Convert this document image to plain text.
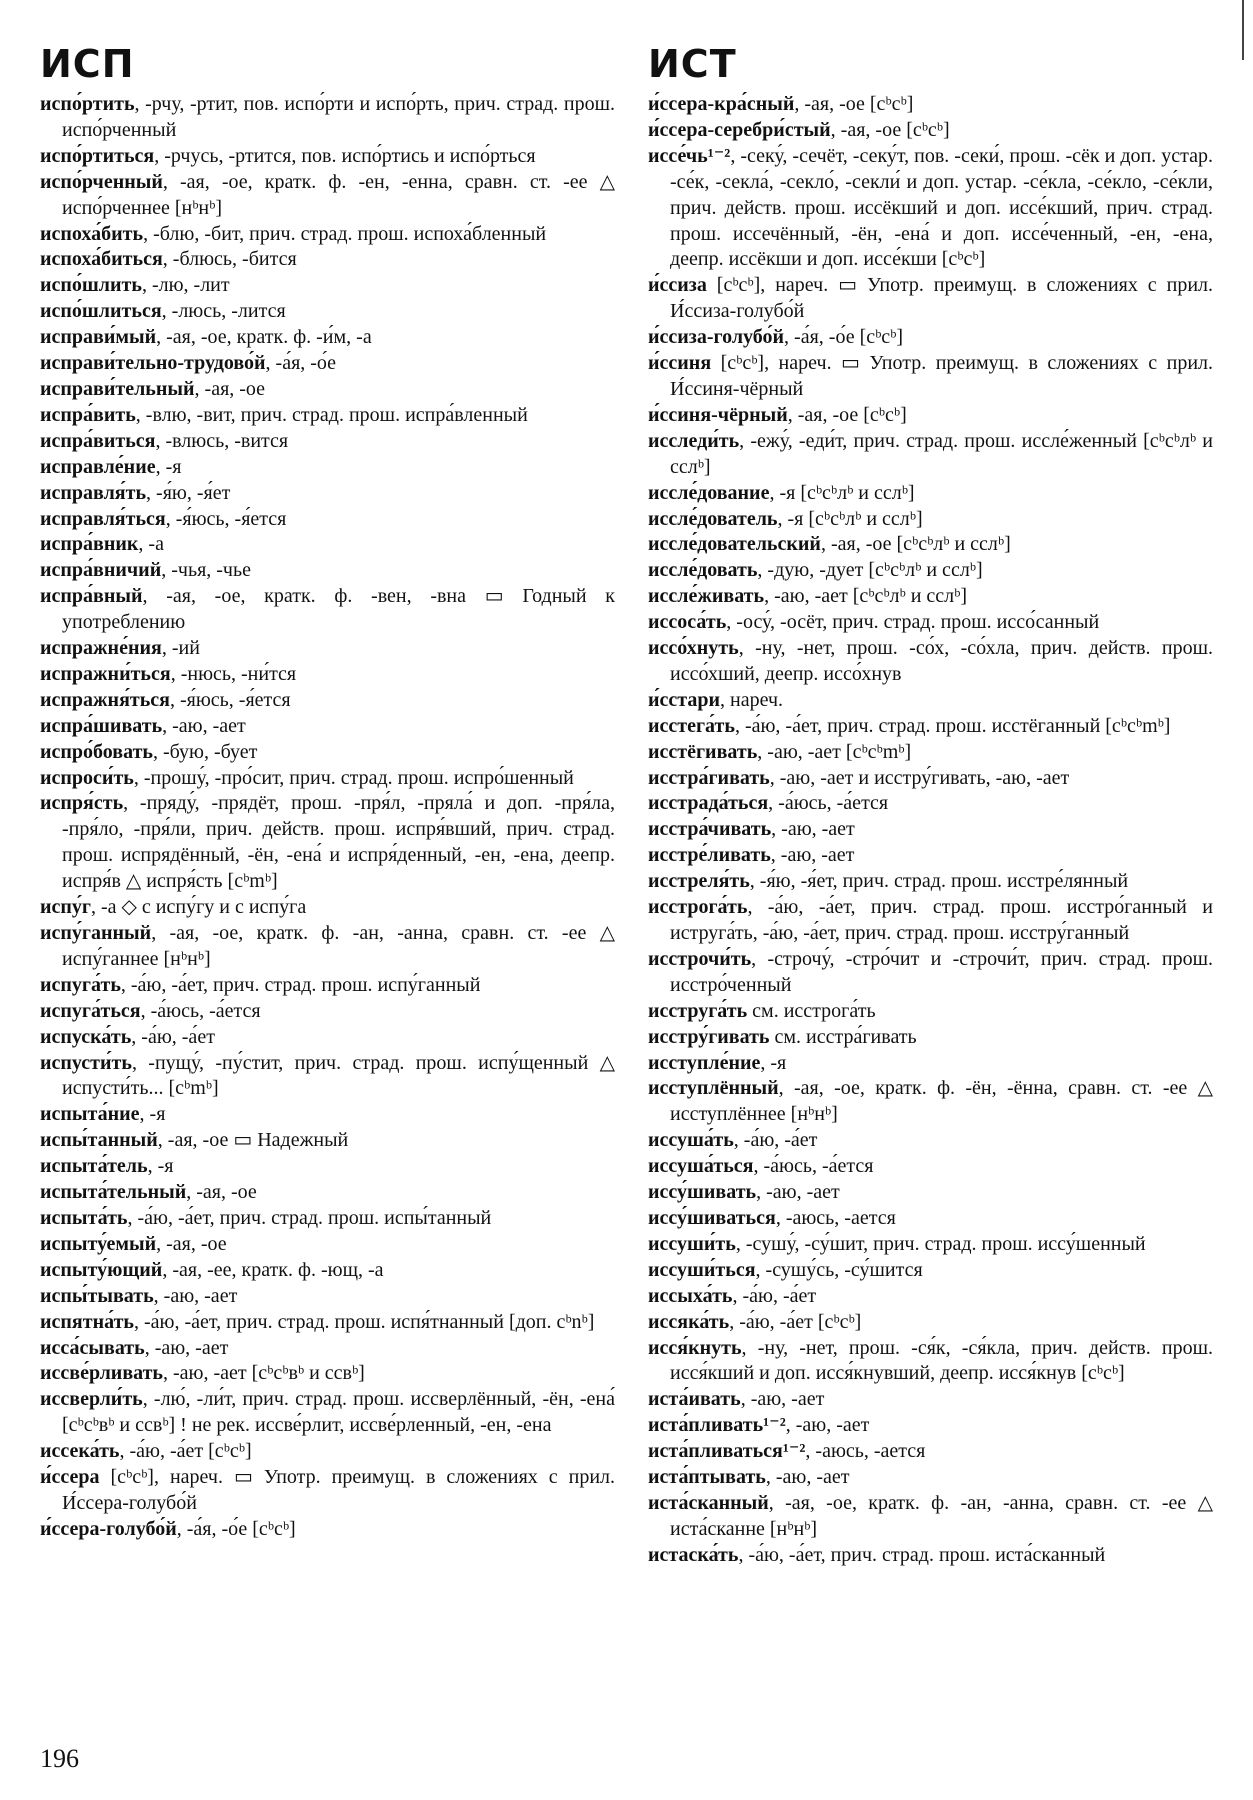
ИСП
испо́ртить, -рчу, -ртит, пов. испо́рти и испо́рть, прич. страд. прош. испо́рченный
испо́ртиться, -рчусь, -ртится, пов. испо́ртись и испо́рться
испо́рченный, -ая, -ое, кратк. ф. -ен, -енна, сравн. ст. -ее △ испо́рченнее [нᵇнᵇ]
испоха́бить, -блю, -бит, прич. страд. прош. испоха́бленный
испоха́биться, -блюсь, -бится
испо́шлить, -лю, -лит
испо́шлиться, -люсь, -лится
исправи́мый, -ая, -ое, кратк. ф. -и́м, -а
исправи́тельно-трудово́й, -а́я, -о́е
исправи́тельный, -ая, -ое
испра́вить, -влю, -вит, прич. страд. прош. испра́вленный
испра́виться, -влюсь, -вится
исправле́ние, -я
исправля́ть, -я́ю, -я́ет
исправля́ться, -я́юсь, -я́ется
испра́вник, -а
испра́вничий, -чья, -чье
испра́вный, -ая, -ое, кратк. ф. -вен, -вна ▭ Годный к употреблению
испражне́ния, -ий
испражни́ться, -нюсь, -ни́тся
испражня́ться, -я́юсь, -я́ется
испра́шивать, -аю, -ает
испро́бовать, -бую, -бует
испроси́ть, -прошу́, -про́сит, прич. страд. прош. испро́шенный
испря́сть, -пряду́, -прядёт, прош. -пря́л, -пряла́ и доп. -пря́ла, -пря́ло, -пря́ли, прич. действ. прош. испря́вший, прич. страд. прош. испрядённый, -ён, -ена́ и испря́денный, -ен, -ена, деепр. испря́в △ испря́сть [cᵇmᵇ]
испу́г, -а ◇ с испу́гу и с испу́га
испу́ганный, -ая, -ое, кратк. ф. -ан, -анна, сравн. ст. -ее △ испу́ганнее [нᵇнᵇ]
испуга́ть, -а́ю, -а́ет, прич. страд. прош. испу́ганный
испуга́ться, -а́юсь, -а́ется
испуска́ть, -а́ю, -а́ет
испусти́ть, -пущу́, -пу́стит, прич. страд. прош. испу́щенный △ испусти́ть... [cᵇmᵇ]
испыта́ние, -я
испы́танный, -ая, -ое ▭ Надежный
испыта́тель, -я
испыта́тельный, -ая, -ое
испыта́ть, -а́ю, -а́ет, прич. страд. прош. испы́танный
испыту́емый, -ая, -ое
испыту́ющий, -ая, -ее, кратк. ф. -ющ, -а
испы́тывать, -аю, -ает
испятна́ть, -а́ю, -а́ет, прич. страд. прош. испя́тнанный [доп. cᵇnᵇ]
исса́сывать, -аю, -ает
иссве́рливать, -аю, -ает [cᵇcᵇвᵇ и ссвᵇ]
иссверли́ть, -лю́, -ли́т, прич. страд. прош. иссверлённый, -ён, -ена́ [cᵇcᵇвᵇ и ссвᵇ] ! не рек. иссве́рлит, иссве́рленный, -ен, -ена
иссека́ть, -а́ю, -а́ет [cᵇcᵇ]
и́ссера [cᵇcᵇ], нареч. ▭ Употр. преимущ. в сложениях с прил. И́ссера-голубо́й
и́ссера-голубо́й, -а́я, -о́е [cᵇcᵇ]
ИСТ
и́ссера-кра́сный, -ая, -ое [cᵇcᵇ]
и́ссера-серебри́стый, -ая, -ое [cᵇcᵇ]
иссе́чь¹⁻², -секу́, -сечёт, -секу́т, пов. -секи́, прош. -сёк и доп. устар. -се́к, -секла́, -секло́, -секли́ и доп. устар. -се́кла, -се́кло, -се́кли, прич. действ. прош. иссёкший и доп. иссе́кший, прич. страд. прош. иссечённый, -ён, -ена́ и доп. иссе́ченный, -ен, -ена, деепр. иссёкши и доп. иссе́кши [cᵇcᵇ]
и́ссиза [cᵇcᵇ], нареч. ▭ Употр. преимущ. в сложениях с прил. И́ссиза-голубо́й
и́ссиза-голубо́й, -а́я, -о́е [cᵇcᵇ]
и́ссиня [cᵇcᵇ], нареч. ▭ Употр. преимущ. в сложениях с прил. И́ссиня-чёрный
и́ссиня-чёрный, -ая, -ое [cᵇcᵇ]
исследи́ть, -ежу́, -еди́т, прич. страд. прош. иссле́женный [cᵇcᵇлᵇ и cслᵇ]
иссле́дование, -я [cᵇcᵇлᵇ и cслᵇ]
иссле́дователь, -я [cᵇcᵇлᵇ и cслᵇ]
иссле́довательский, -ая, -ое [cᵇcᵇлᵇ и cслᵇ]
иссле́довать, -дую, -дует [cᵇcᵇлᵇ и cслᵇ]
иссле́живать, -аю, -ает [cᵇcᵇлᵇ и cслᵇ]
иссоса́ть, -осу́, -осёт, прич. страд. прош. иссо́санный
иссо́хнуть, -ну, -нет, прош. -со́х, -со́хла, прич. действ. прош. иссо́хший, деепр. иссо́хнув
и́сстари, нареч.
исстега́ть, -а́ю, -а́ет, прич. страд. прош. исстёганный [cᵇcᵇmᵇ]
исстёгивать, -аю, -ает [cᵇcᵇmᵇ]
исстра́гивать, -аю, -ает и исстру́гивать, -аю, -ает
исстрада́ться, -а́юсь, -а́ется
исстра́чивать, -аю, -ает
исстре́ливать, -аю, -ает
исстреля́ть, -я́ю, -я́ет, прич. страд. прош. исстре́лянный
исстрога́ть, -а́ю, -а́ет, прич. страд. прош. исстро́ганный и иструга́ть, -а́ю, -а́ет, прич. страд. прош. исстру́ганный
исстрочи́ть, -строчу́, -стро́чит и -строчи́т, прич. страд. прош. исстро́ченный
исструга́ть см. исстрога́ть
исстру́гивать см. исстра́гивать
исступле́ние, -я
исступлённый, -ая, -ое, кратк. ф. -ён, -ённа, сравн. ст. -ее △ исступлённее [нᵇнᵇ]
иссуша́ть, -а́ю, -а́ет
иссуша́ться, -а́юсь, -а́ется
иссу́шивать, -аю, -ает
иссу́шиваться, -аюсь, -ается
иссуши́ть, -сушу́, -су́шит, прич. страд. прош. иссу́шенный
иссуши́ться, -сушу́сь, -су́шится
иссыха́ть, -а́ю, -а́ет
иссяка́ть, -а́ю, -а́ет [cᵇcᵇ]
исся́кнуть, -ну, -нет, прош. -ся́к, -ся́кла, прич. действ. прош. исся́кший и доп. исся́кнувший, деепр. исся́кнув [cᵇcᵇ]
иста́ивать, -аю, -ает
иста́пливать¹⁻², -аю, -ает
иста́пливаться¹⁻², -аюсь, -ается
иста́птывать, -аю, -ает
иста́сканный, -ая, -ое, кратк. ф. -ан, -анна, сравн. ст. -ее △ иста́сканне [нᵇнᵇ]
истаска́ть, -а́ю, -а́ет, прич. страд. прош. иста́сканный
196
